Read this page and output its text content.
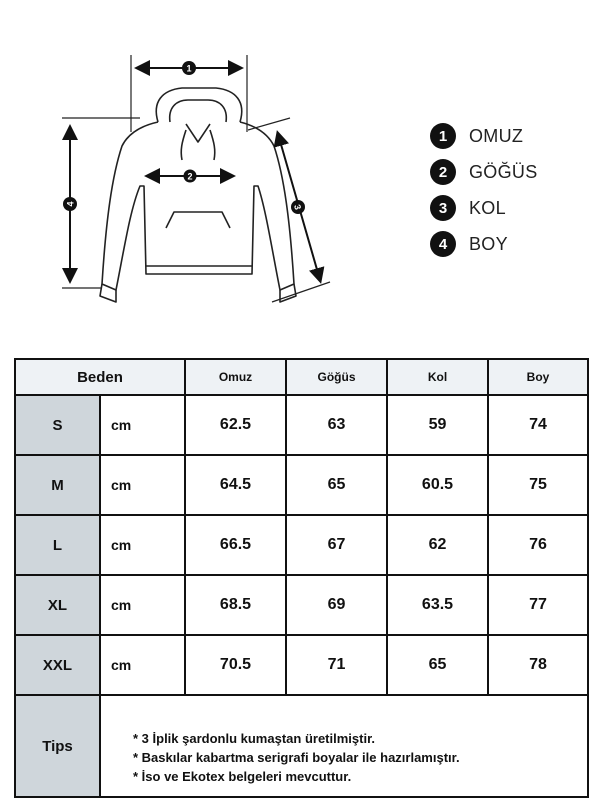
1
2
4	3
1	OMUZ
2	GÖĞÜS
3	KOL
4	BOY
Beden		Omuz	Göğüs	Kol	Boy
S	cm	62.5	63	59	74
M	cm	64.5	65	60.5	75
L	cm	66.5	67	62	76
XL	cm	68.5	69	63.5	77
XXL	cm	70.5	71	65	78
Tips	* 3 İplik şardonlu kumaştan üretilmiştir.
* Baskılar kabartma serigrafi boyalar ile hazırlamıştır.
* İso ve Ekotex belgeleri mevcuttur.				
